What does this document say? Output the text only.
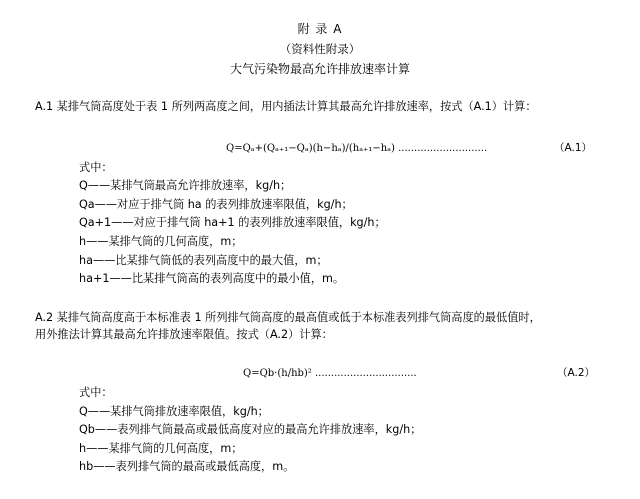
附 录 A
（资料性附录）
大气污染物最高允许排放速率计算
A.1 某排气筒高度处于表 1 所列两高度之间，用内插法计算其最高允许排放速率，按式（A.1）计算：
Q=Qₐ+(Qₐ₊₁−Qₐ)(h−hₐ)/(hₐ₊₁−hₐ) ............................	（A.1）
式中：
Q——某排气筒最高允许排放速率，kg/h；
Qa——对应于排气筒 ha 的表列排放速率限值，kg/h；
Qa+1——对应于排气筒 ha+1 的表列排放速率限值，kg/h；
h——某排气筒的几何高度，m；
ha——比某排气筒低的表列高度中的最大值，m；
ha+1——比某排气筒高的表列高度中的最小值，m。
A.2 某排气筒高度高于本标准表 1 所列排气筒高度的最高值或低于本标准表列排气筒高度的最低值时，
用外推法计算其最高允许排放速率限值。按式（A.2）计算：
Q=Qb·(h/hb)² ................................	（A.2）
式中：
Q——某排气筒排放速率限值，kg/h；
Qb——表列排气筒最高或最低高度对应的最高允许排放速率，kg/h；
h——某排气筒的几何高度，m；
hb——表列排气筒的最高或最低高度，m。
